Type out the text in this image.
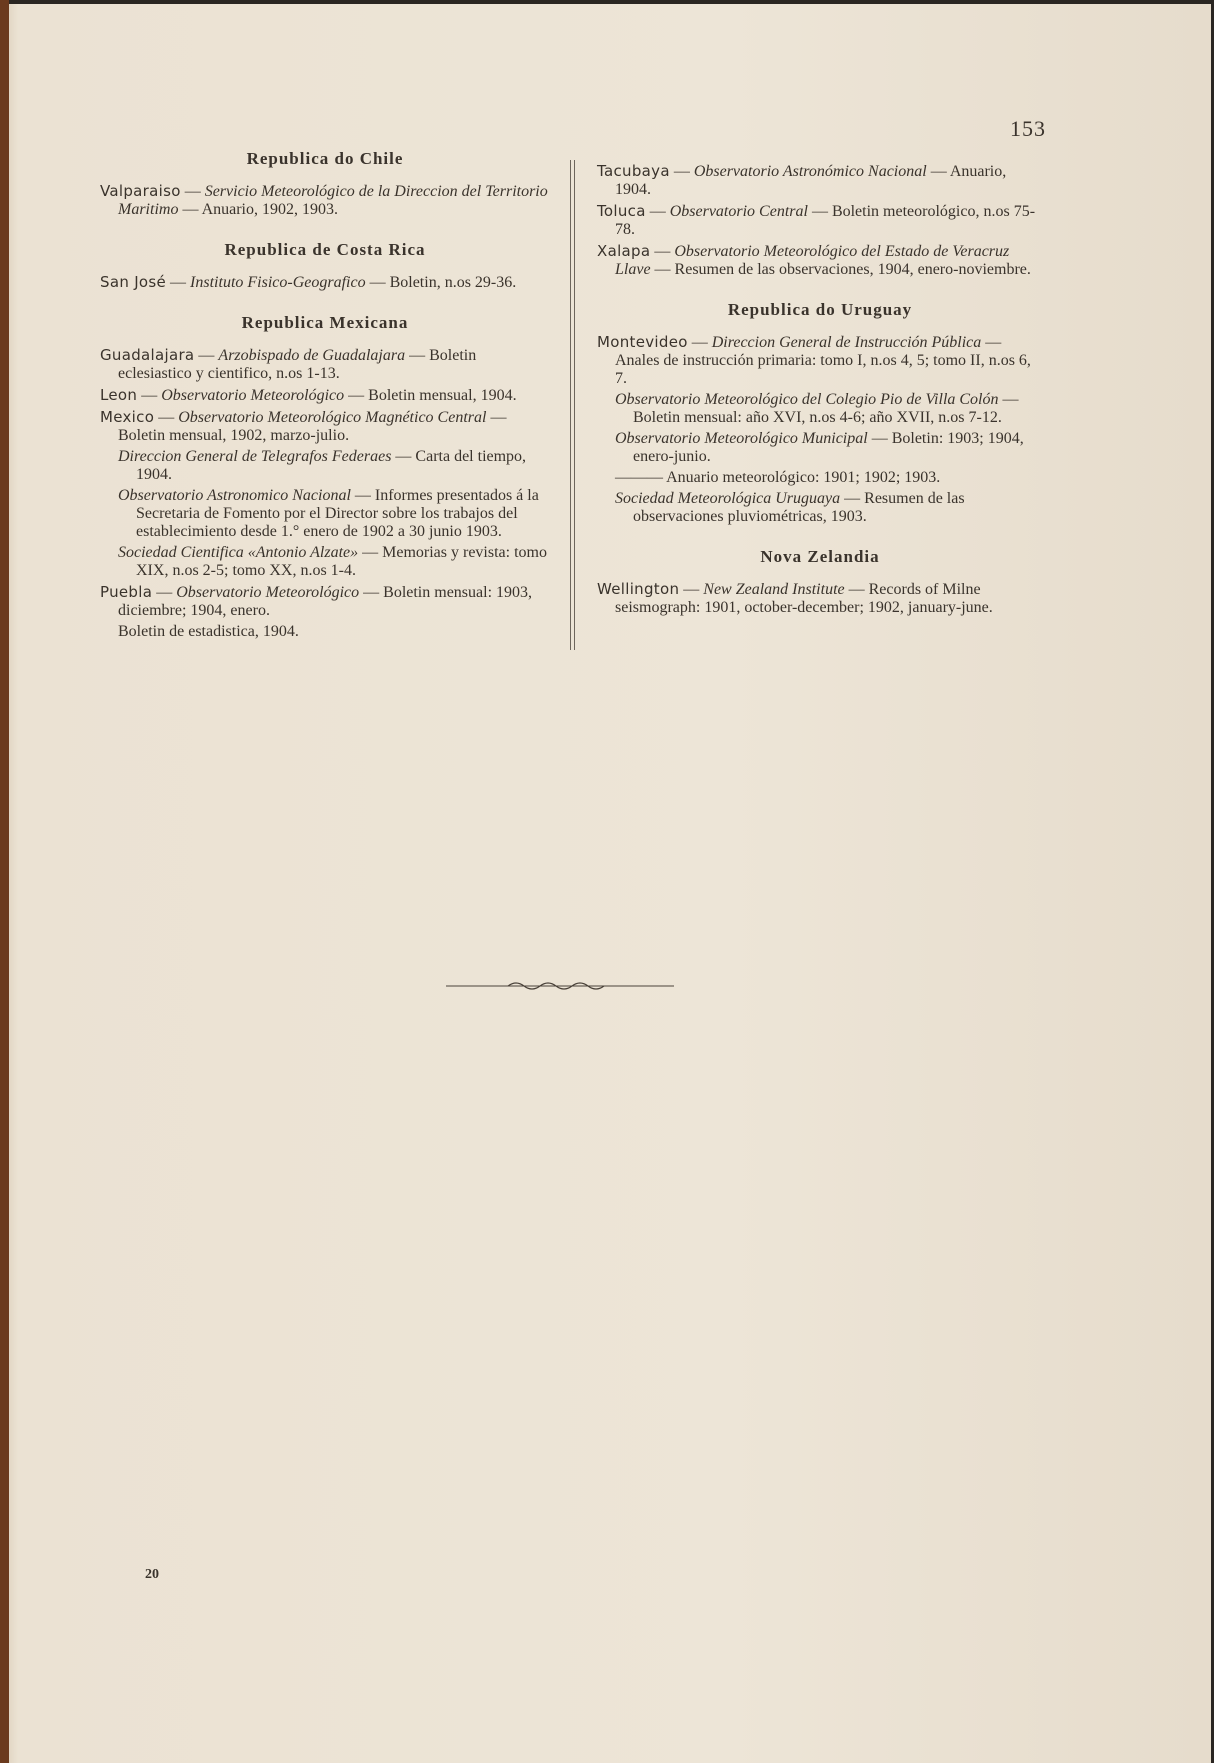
153
Republica do Chile

Valparaiso — Servicio Meteorológico de la Direccion del Territorio Maritimo — Anuario, 1902, 1903.

Republica de Costa Rica

San José — Instituto Fisico-Geografico — Boletin, n.os 29-36.

Republica Mexicana

Guadalajara — Arzobispado de Guadalajara — Boletin eclesiastico y cientifico, n.os 1-13.

Leon — Observatorio Meteorológico — Boletin mensual, 1904.

Mexico — Observatorio Meteorológico Magnético Central — Boletin mensual, 1902, marzo-julio.

Direccion General de Telegrafos Federaes — Carta del tiempo, 1904.

Observatorio Astronomico Nacional — Informes presentados á la Secretaria de Fomento por el Director sobre los trabajos del establecimiento desde 1.° enero de 1902 a 30 junio 1903.

Sociedad Cientifica «Antonio Alzate» — Memorias y revista: tomo XIX, n.os 2-5; tomo XX, n.os 1-4.

Puebla — Observatorio Meteorológico — Boletin mensual: 1903, diciembre; 1904, enero.

Boletin de estadistica, 1904.

Tacubaya — Observatorio Astronómico Nacional — Anuario, 1904.

Toluca — Observatorio Central — Boletin meteorológico, n.os 75-78.

Xalapa — Observatorio Meteorológico del Estado de Veracruz Llave — Resumen de las observaciones, 1904, enero-noviembre.

Republica do Uruguay

Montevideo — Direccion General de Instrucción Pública — Anales de instrucción primaria: tomo I, n.os 4, 5; tomo II, n.os 6, 7.

Observatorio Meteorológico del Colegio Pio de Villa Colón — Boletin mensual: año XVI, n.os 4-6; año XVII, n.os 7-12.

Observatorio Meteorológico Municipal — Boletin: 1903; 1904, enero-junio.

——— Anuario meteorológico: 1901; 1902; 1903.

Sociedad Meteorológica Uruguaya — Resumen de las observaciones pluviométricas, 1903.

Nova Zelandia

Wellington — New Zealand Institute — Records of Milne seismograph: 1901, october-december; 1902, january-june.

20
